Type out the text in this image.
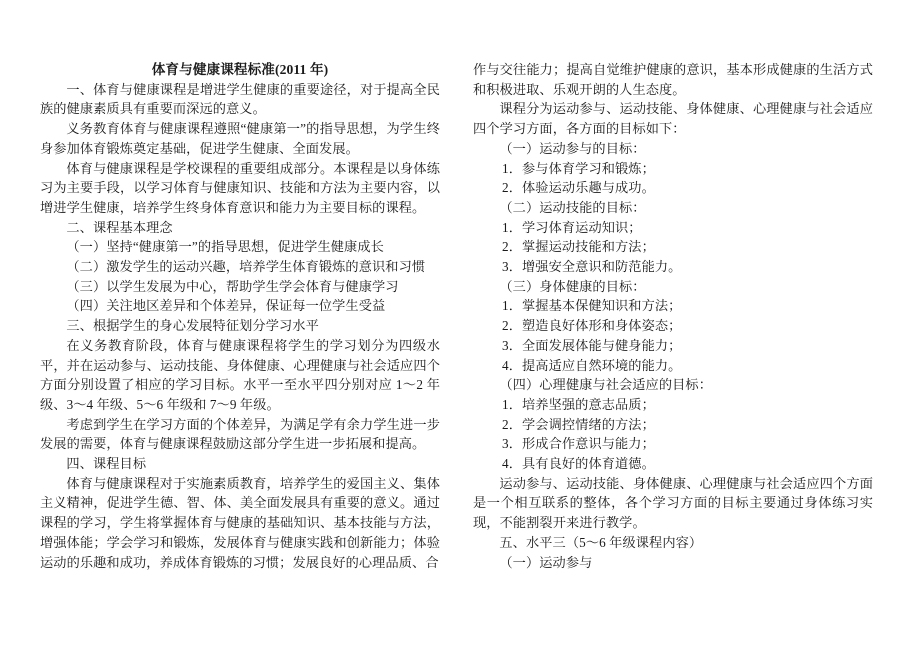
体育与健康课程标准(2011 年)

一、体育与健康课程是增进学生健康的重要途径，对于提高全民族的健康素质具有重要而深远的意义。

义务教育体育与健康课程遵照“健康第一”的指导思想，为学生终身参加体育锻炼奠定基础，促进学生健康、全面发展。

体育与健康课程是学校课程的重要组成部分。本课程是以身体练习为主要手段，以学习体育与健康知识、技能和方法为主要内容，以增进学生健康，培养学生终身体育意识和能力为主要目标的课程。

二、课程基本理念

（一）坚持“健康第一”的指导思想，促进学生健康成长

（二）激发学生的运动兴趣，培养学生体育锻炼的意识和习惯

（三）以学生发展为中心，帮助学生学会体育与健康学习

（四）关注地区差异和个体差异，保证每一位学生受益

三、根据学生的身心发展特征划分学习水平

在义务教育阶段，体育与健康课程将学生的学习划分为四级水平，并在运动参与、运动技能、身体健康、心理健康与社会适应四个方面分别设置了相应的学习目标。水平一至水平四分别对应 1～2 年级、3～4 年级、5～6 年级和 7～9 年级。

考虑到学生在学习方面的个体差异，为满足学有余力学生进一步发展的需要，体育与健康课程鼓励这部分学生进一步拓展和提高。

四、课程目标

体育与健康课程对于实施素质教育，培养学生的爱国主义、集体主义精神，促进学生德、智、体、美全面发展具有重要的意义。通过课程的学习，学生将掌握体育与健康的基础知识、基本技能与方法，增强体能；学会学习和锻炼，发展体育与健康实践和创新能力；体验运动的乐趣和成功，养成体育锻炼的习惯；发展良好的心理品质、合

作与交往能力；提高自觉维护健康的意识，基本形成健康的生活方式和积极进取、乐观开朗的人生态度。

课程分为运动参与、运动技能、身体健康、心理健康与社会适应四个学习方面，各方面的目标如下：

（一）运动参与的目标：

1．参与体育学习和锻炼；

2．体验运动乐趣与成功。

（二）运动技能的目标：

1．学习体育运动知识；

2．掌握运动技能和方法；

3．增强安全意识和防范能力。

（三）身体健康的目标：

1．掌握基本保健知识和方法；

2．塑造良好体形和身体姿态；

3．全面发展体能与健身能力；

4．提高适应自然环境的能力。

（四）心理健康与社会适应的目标：

1．培养坚强的意志品质；

2．学会调控情绪的方法；

3．形成合作意识与能力；

4．具有良好的体育道德。

运动参与、运动技能、身体健康、心理健康与社会适应四个方面是一个相互联系的整体，各个学习方面的目标主要通过身体练习实现，不能割裂开来进行教学。

五、水平三（5～6 年级课程内容）

（一）运动参与
